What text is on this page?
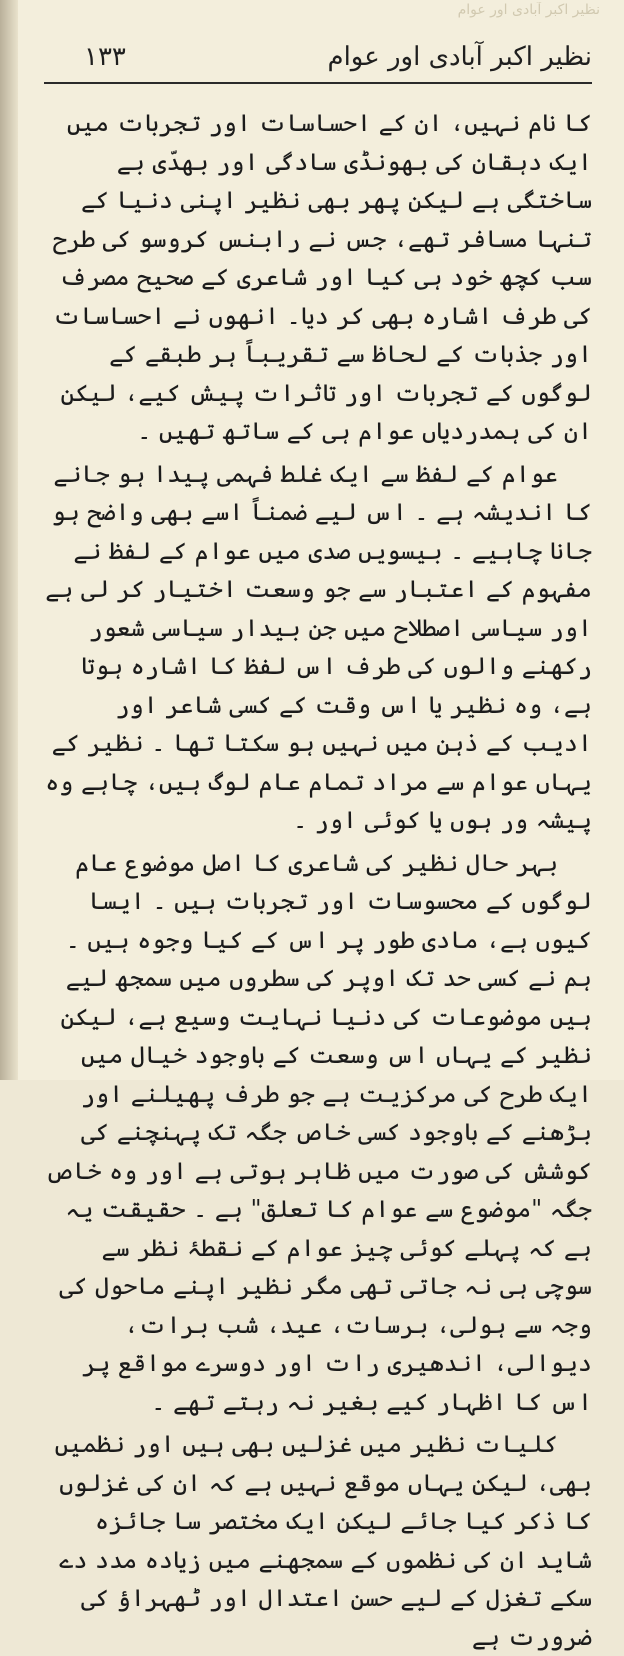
نظیر اکبر آبادی اور عوام
نظیر اکبر آبادی اور عوام
۱۳۳

کا نام نہیں، ان کے احساسات اور تجربات میں ایک دہقان کی بھونڈی سادگی اور بھدّی بے ساختگی ہے لیکن پھر بھی نظیر اپنی دنیا کے تنہا مسافر تھے، جس نے رابنس کروسو کی طرح سب کچھ خود ہی کیا اور شاعری کے صحیح مصرف کی طرف اشارہ بھی کر دیا۔ انھوں نے احساسات اور جذبات کے لحاظ سے تقریباً ہر طبقے کے لوگوں کے تجربات اور تاثرات پیش کیے، لیکن ان کی ہمدردیاں عوام ہی کے ساتھ تھیں ۔

عوام کے لفظ سے ایک غلط فہمی پیدا ہو جانے کا اندیشہ ہے ۔ اس لیے ضمناً اسے بھی واضح ہو جانا چاہیے ۔ بیسویں صدی میں عوام کے لفظ نے مفہوم کے اعتبار سے جو وسعت اختیار کر لی ہے اور سیاسی اصطلاح میں جن بیدار سیاسی شعور رکھنے والوں کی طرف اس لفظ کا اشارہ ہوتا ہے، وہ نظیر یا اس وقت کے کسی شاعر اور ادیب کے ذہن میں نہیں ہو سکتا تھا ۔ نظیر کے یہاں عوام سے مراد تمام عام لوگ ہیں، چاہے وہ پیشہ ور ہوں یا کوئی اور ۔

بہر حال نظیر کی شاعری کا اصل موضوع عام لوگوں کے محسوسات اور تجربات ہیں ۔ ایسا کیوں ہے، مادی طور پر اس کے کیا وجوہ ہیں ۔ ہم نے کسی حد تک اوپر کی سطروں میں سمجھ لیے ہیں موضوعات کی دنیا نہایت وسیع ہے، لیکن نظیر کے یہاں اس وسعت کے باوجود خیال میں ایک طرح کی مرکزیت ہے جو طرف پھیلنے اور بڑھنے کے باوجود کسی خاص جگہ تک پہنچنے کی کوشش کی صورت میں ظاہر ہوتی ہے اور وہ خاص جگہ "موضوع سے عوام کا تعلق" ہے ۔ حقیقت یہ ہے کہ پہلے کوئی چیز عوام کے نقطۂ نظر سے سوچی ہی نہ جاتی تھی مگر نظیر اپنے ماحول کی وجہ سے ہولی، برسات، عید، شب برات، دیوالی، اندھیری رات اور دوسرے مواقع پر اس کا اظہار کیے بغیر نہ رہتے تھے ۔

کلیات نظیر میں غزلیں بھی ہیں اور نظمیں بھی، لیکن یہاں موقع نہیں ہے کہ ان کی غزلوں کا ذکر کیا جائے لیکن ایک مختصر سا جائزہ شاید ان کی نظموں کے سمجھنے میں زیادہ مدد دے سکے تغزل کے لیے حسن اعتدال اور ٹھہراؤ کی ضرورت ہے
